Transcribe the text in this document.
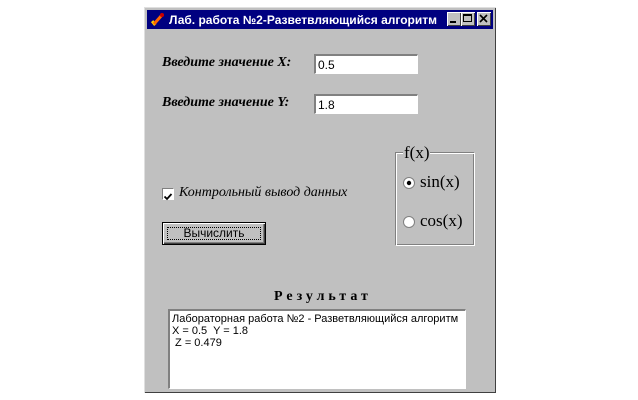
Лаб. работа №2-Разветвляющийся алгоритм
Введите значение X:
0.5
Введите значение Y:
1.8
Контрольный вывод данных
Вычислить
f(x)
sin(x)
cos(x)
Результат
Лабораторная работа №2 - Разветвляющийся алгоритм
X = 0.5  Y = 1.8
Z = 0.479
